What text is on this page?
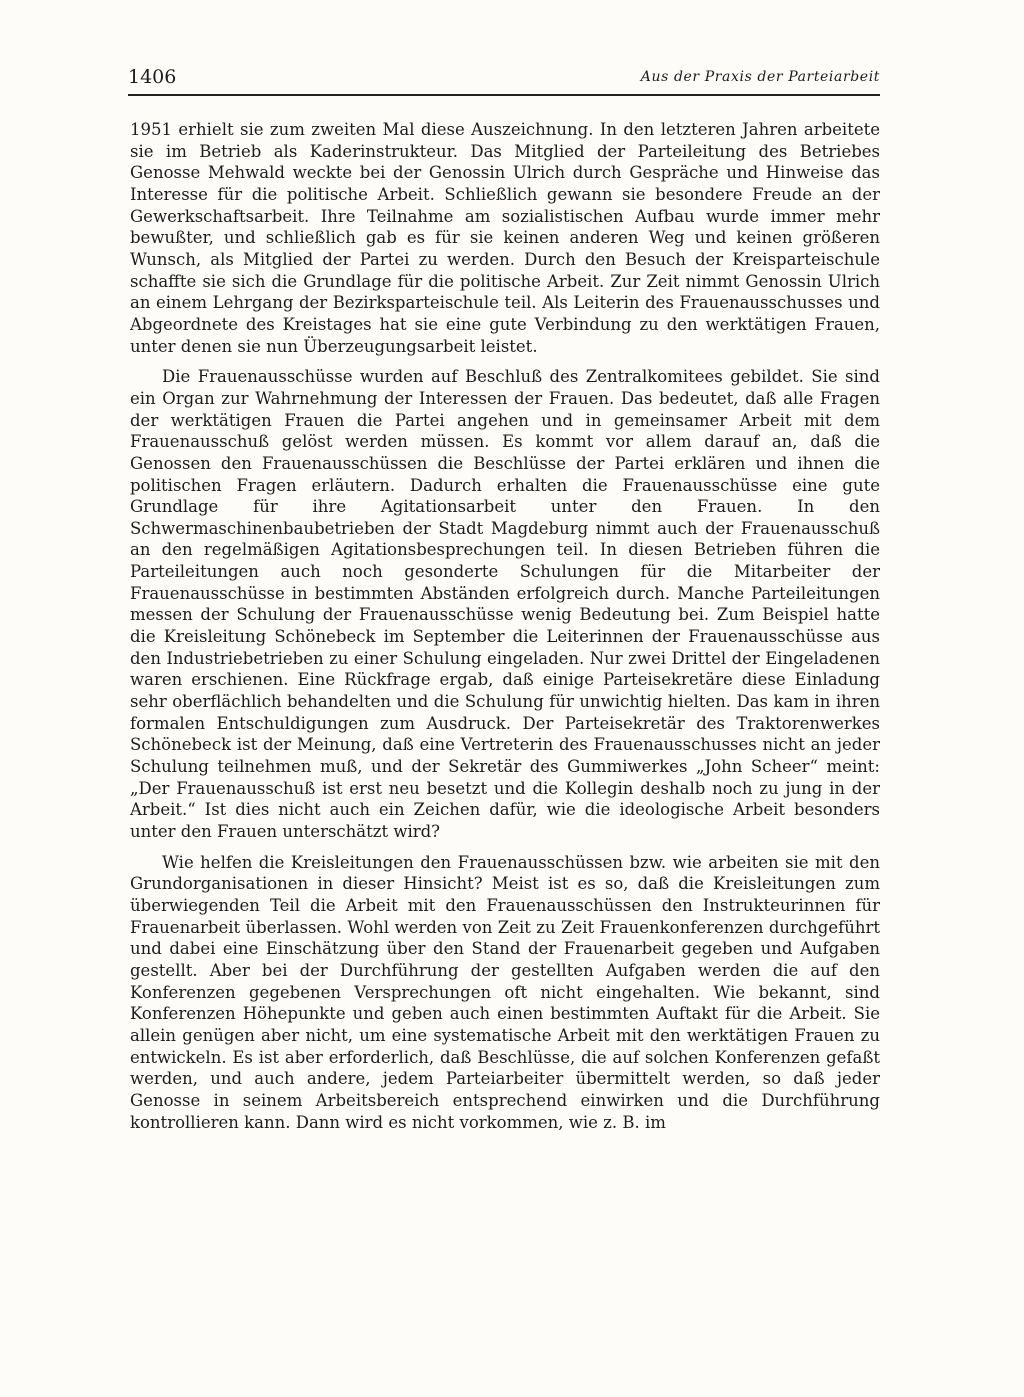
1406	Aus der Praxis der Parteiarbeit

1951 erhielt sie zum zweiten Mal diese Auszeichnung. In den letzteren Jahren arbeitete sie im Betrieb als Kaderinstrukteur. Das Mitglied der Parteileitung des Betriebes Genosse Mehwald weckte bei der Genossin Ulrich durch Gespräche und Hinweise das Interesse für die politische Arbeit. Schließlich gewann sie besondere Freude an der Gewerkschaftsarbeit. Ihre Teilnahme am sozialistischen Aufbau wurde immer mehr bewußter, und schließlich gab es für sie keinen anderen Weg und keinen größeren Wunsch, als Mitglied der Partei zu werden. Durch den Besuch der Kreisparteischule schaffte sie sich die Grundlage für die politische Arbeit. Zur Zeit nimmt Genossin Ulrich an einem Lehrgang der Bezirksparteischule teil. Als Leiterin des Frauenausschusses und Abgeordnete des Kreistages hat sie eine gute Verbindung zu den werktätigen Frauen, unter denen sie nun Überzeugungsarbeit leistet.

Die Frauenausschüsse wurden auf Beschluß des Zentralkomitees gebildet. Sie sind ein Organ zur Wahrnehmung der Interessen der Frauen. Das bedeutet, daß alle Fragen der werktätigen Frauen die Partei angehen und in gemeinsamer Arbeit mit dem Frauenausschuß gelöst werden müssen. Es kommt vor allem darauf an, daß die Genossen den Frauenausschüssen die Beschlüsse der Partei erklären und ihnen die politischen Fragen erläutern. Dadurch erhalten die Frauenausschüsse eine gute Grundlage für ihre Agitationsarbeit unter den Frauen. In den Schwermaschinenbaubetrieben der Stadt Magdeburg nimmt auch der Frauenausschuß an den regelmäßigen Agitationsbesprechungen teil. In diesen Betrieben führen die Parteileitungen auch noch gesonderte Schulungen für die Mitarbeiter der Frauenausschüsse in bestimmten Abständen erfolgreich durch. Manche Parteileitungen messen der Schulung der Frauenausschüsse wenig Bedeutung bei. Zum Beispiel hatte die Kreisleitung Schönebeck im September die Leiterinnen der Frauenausschüsse aus den Industriebetrieben zu einer Schulung eingeladen. Nur zwei Drittel der Eingeladenen waren erschienen. Eine Rückfrage ergab, daß einige Parteisekretäre diese Einladung sehr oberflächlich behandelten und die Schulung für unwichtig hielten. Das kam in ihren formalen Entschuldigungen zum Ausdruck. Der Parteisekretär des Traktorenwerkes Schönebeck ist der Meinung, daß eine Vertreterin des Frauenausschusses nicht an jeder Schulung teilnehmen muß, und der Sekretär des Gummiwerkes „John Scheer“ meint: „Der Frauenausschuß ist erst neu besetzt und die Kollegin deshalb noch zu jung in der Arbeit.“ Ist dies nicht auch ein Zeichen dafür, wie die ideologische Arbeit besonders unter den Frauen unterschätzt wird?

Wie helfen die Kreisleitungen den Frauenausschüssen bzw. wie arbeiten sie mit den Grundorganisationen in dieser Hinsicht? Meist ist es so, daß die Kreisleitungen zum überwiegenden Teil die Arbeit mit den Frauenausschüssen den Instrukteurinnen für Frauenarbeit überlassen. Wohl werden von Zeit zu Zeit Frauenkonferenzen durchgeführt und dabei eine Einschätzung über den Stand der Frauenarbeit gegeben und Aufgaben gestellt. Aber bei der Durchführung der gestellten Aufgaben werden die auf den Konferenzen gegebenen Versprechungen oft nicht eingehalten. Wie bekannt, sind Konferenzen Höhepunkte und geben auch einen bestimmten Auftakt für die Arbeit. Sie allein genügen aber nicht, um eine systematische Arbeit mit den werktätigen Frauen zu entwickeln. Es ist aber erforderlich, daß Beschlüsse, die auf solchen Konferenzen gefaßt werden, und auch andere, jedem Parteiarbeiter übermittelt werden, so daß jeder Genosse in seinem Arbeitsbereich entsprechend einwirken und die Durchführung kontrollieren kann. Dann wird es nicht vorkommen, wie z. B. im
